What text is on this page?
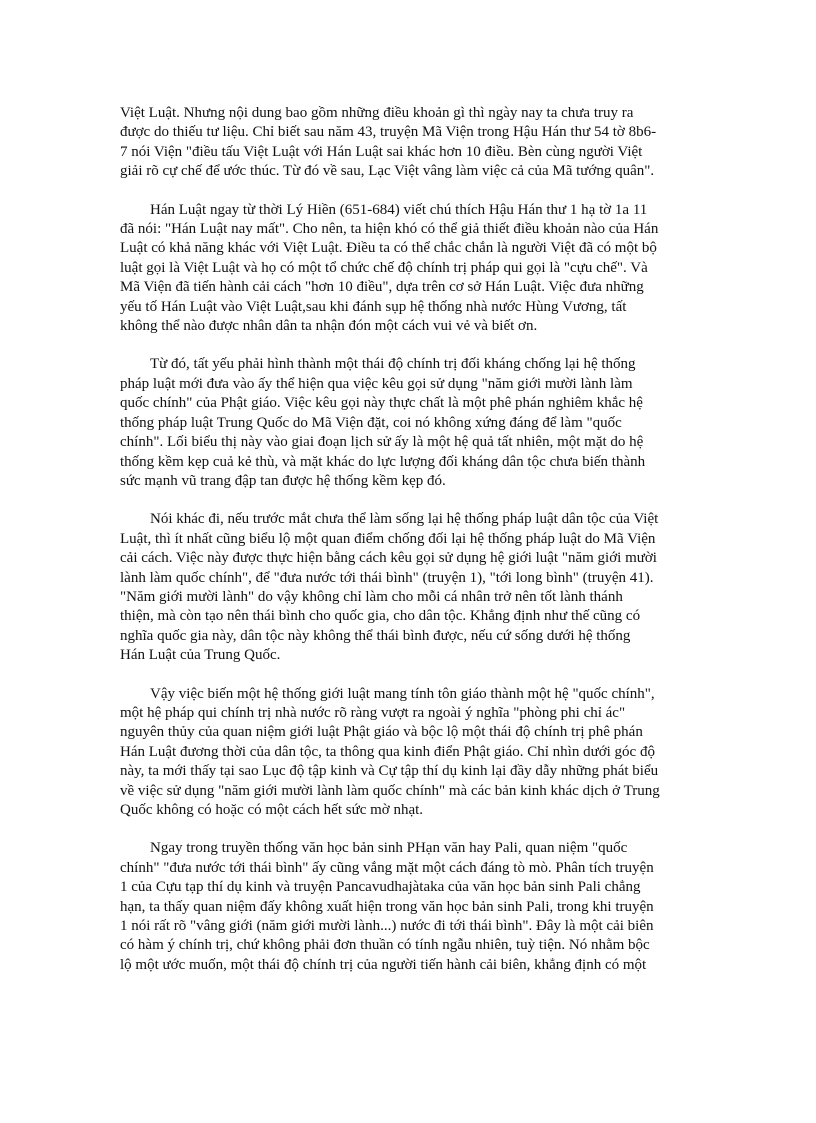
Việt Luật. Nhưng nội dung bao gồm những điều khoản gì thì ngày nay ta chưa truy ra
được do thiếu tư liệu. Chỉ biết sau năm 43, truyện Mã Viện trong Hậu Hán thư 54 tờ 8b6-
7 nói Viện "điều tấu Việt Luật với Hán Luật sai khác hơn 10 điều. Bèn cùng người Việt
giải rõ cự chế để ước thúc. Từ đó về sau, Lạc Việt vâng làm việc cả của Mã tướng quân".

Hán Luật ngay từ thời Lý Hiền (651-684) viết chú thích Hậu Hán thư 1 hạ tờ 1a 11
đã nói: "Hán Luật nay mất". Cho nên, ta hiện khó có thể giả thiết điều khoản nào của Hán
Luật có khả năng khác với Việt Luật. Điều ta có thể chắc chắn là người Việt đã có một bộ
luật gọi là Việt Luật và họ có một tổ chức chế độ chính trị pháp qui gọi là "cựu chế". Và
Mã Viện đã tiến hành cải cách "hơn 10 điều", dựa trên cơ sở Hán Luật. Việc đưa những
yếu tố Hán Luật vào Việt Luật,sau khi đánh sụp hệ thống nhà nước Hùng Vương, tất
không thể nào được nhân dân ta nhận đón một cách vui vẻ và biết ơn.

Từ đó, tất yếu phải hình thành một thái độ chính trị đối kháng chống lại hệ thống
pháp luật mới đưa vào ấy thể hiện qua việc kêu gọi sử dụng "năm giới mười lành làm
quốc chính" của Phật giáo. Việc kêu gọi này thực chất là một phê phán nghiêm khắc hệ
thống pháp luật Trung Quốc do Mã Viện đặt, coi nó không xứng đáng để làm "quốc
chính". Lối biểu thị này vào giai đoạn lịch sử ấy là một hệ quả tất nhiên, một mặt do hệ
thống kềm kẹp cuả kẻ thù, và mặt khác do lực lượng đối kháng dân tộc chưa biến thành
sức mạnh vũ trang đập tan được hệ thống kềm kẹp đó.

Nói khác đi, nếu trước mắt chưa thể làm sống lại hệ thống pháp luật dân tộc của Việt
Luật, thì ít nhất cũng biểu lộ một quan điểm chống đối lại hệ thống pháp luật do Mã Viện
cải cách. Việc này được thực hiện bằng cách kêu gọi sử dụng hệ giới luật "năm giới mười
lành làm quốc chính", để "đưa nước tới thái bình" (truyện 1), "tới long bình" (truyện 41).
"Năm giới mười lành" do vậy không chỉ làm cho mỗi cá nhân trở nên tốt lành thánh
thiện, mà còn tạo nên thái bình cho quốc gia, cho dân tộc. Khẳng định như thế cũng có
nghĩa quốc gia này, dân tộc này không thể thái bình được, nếu cứ sống dưới hệ thống
Hán Luật của Trung Quốc.

Vậy việc biến một hệ thống giới luật mang tính tôn giáo thành một hệ "quốc chính",
một hệ pháp qui chính trị nhà nước rõ ràng vượt ra ngoài ý nghĩa "phòng phi chỉ ác"
nguyên thủy của quan niệm giới luật Phật giáo và bộc lộ một thái độ chính trị phê phán
Hán Luật đương thời của dân tộc, ta thông qua kinh điển Phật giáo. Chỉ nhìn dưới góc độ
này, ta mới thấy tại sao Lục độ tập kinh và Cự tập thí dụ kinh lại đầy dẫy những phát biểu
về việc sử dụng "năm giới mười lành làm quốc chính" mà các bản kinh khác dịch ở Trung
Quốc không có hoặc có một cách hết sức mờ nhạt.

Ngay trong truyền thống văn học bản sinh PHạn văn hay Pali, quan niệm "quốc
chính" "đưa nước tới thái bình" ấy cũng vắng mặt một cách đáng tò mò. Phân tích truyện
1 của Cựu tạp thí dụ kinh và truyện Pancavudhajàtaka của văn học bản sinh Pali chẳng
hạn, ta thấy quan niệm đấy không xuất hiện trong văn học bản sinh Pali, trong khi truyện
1 nói rất rõ "vâng giới (năm giới mười lành...) nước đi tới thái bình". Đây là một cải biên
có hàm ý chính trị, chứ không phải đơn thuần có tính ngẫu nhiên, tuỳ tiện. Nó nhằm bộc
lộ một ước muốn, một thái độ chính trị của người tiến hành cải biên, khẳng định có một
